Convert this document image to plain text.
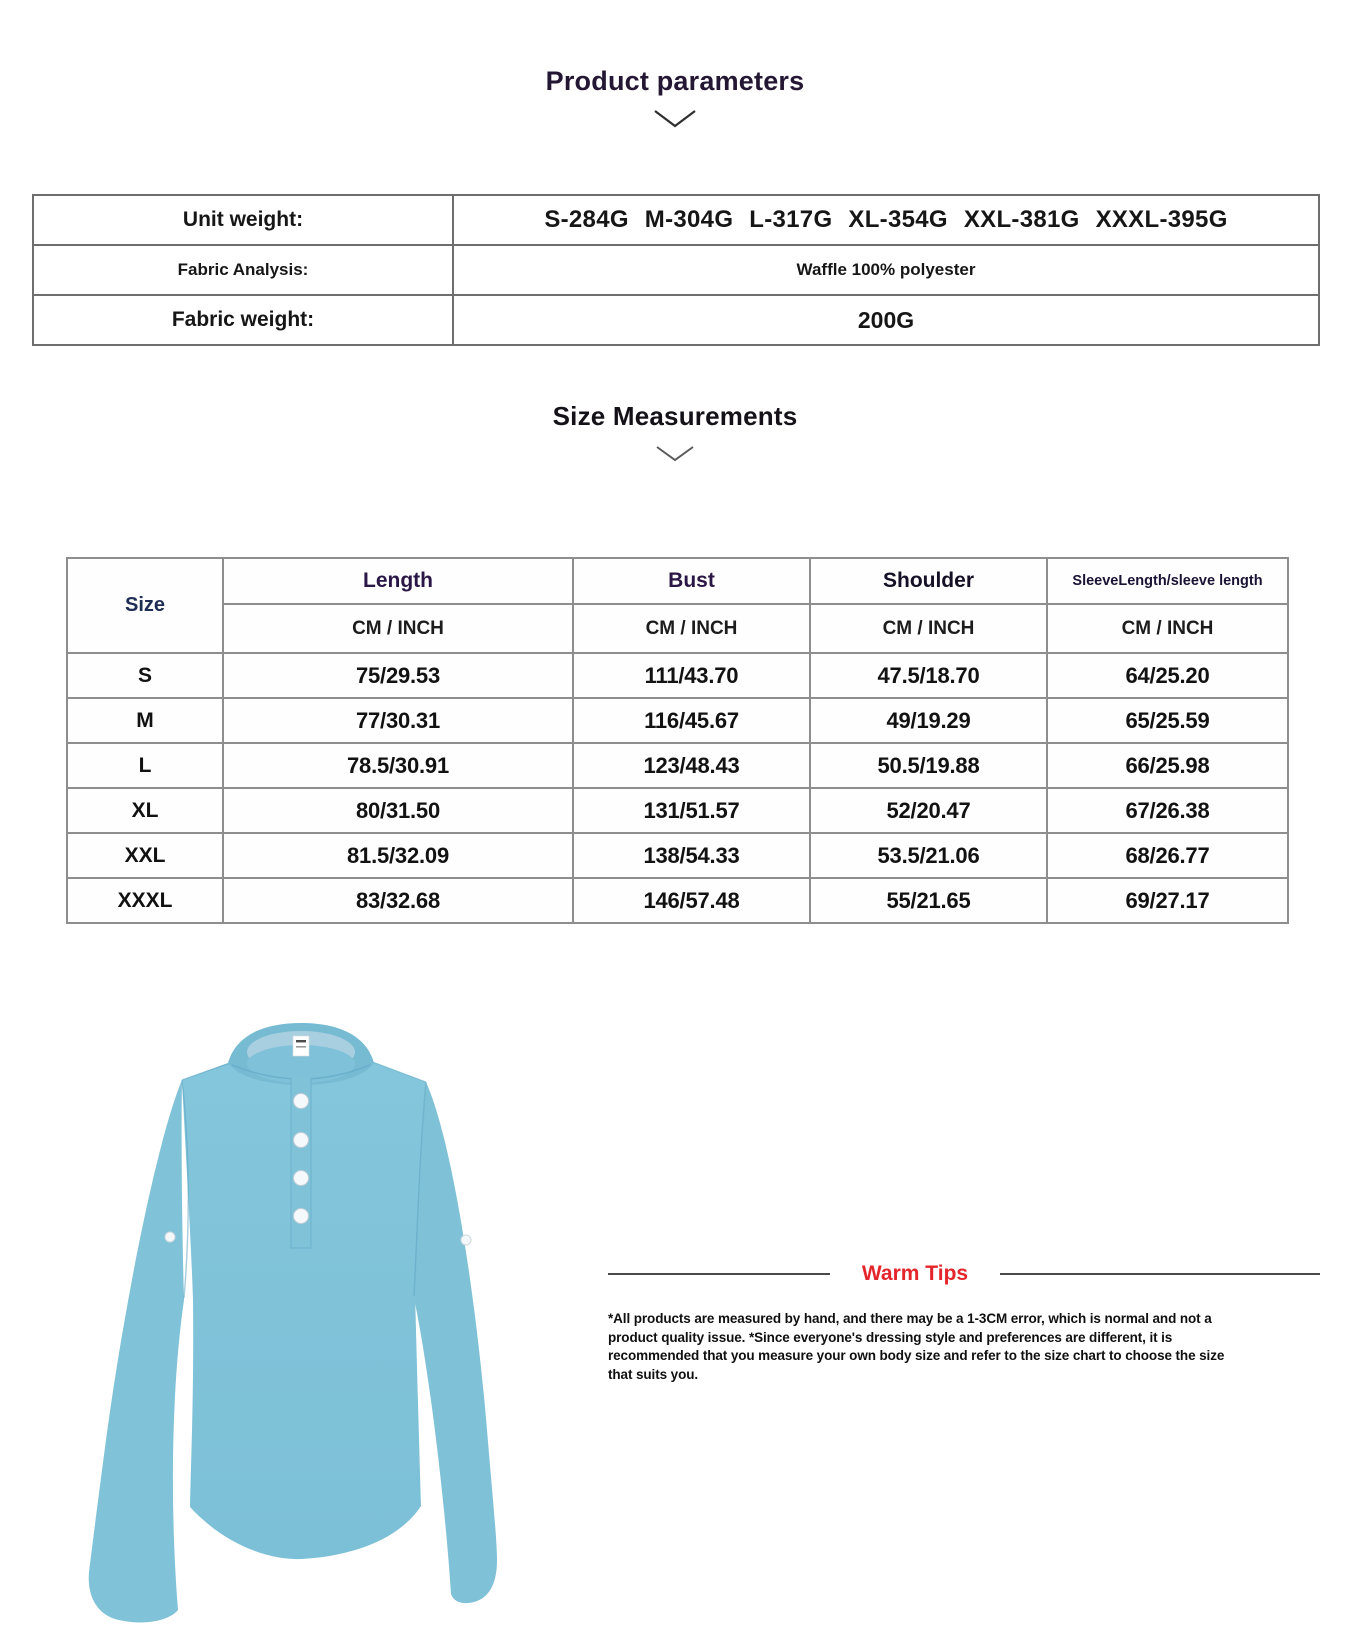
Product parameters
Unit weight:	S-284G M-304G L-317G XL-354G XXL-381G XXXL-395G
Fabric Analysis:	Waffle 100% polyester
Fabric weight:	200G
Size Measurements
Size	Length	Bust	Shoulder	SleeveLength/sleeve length
	CM / INCH	CM / INCH	CM / INCH	CM / INCH
S	75/29.53	111/43.70	47.5/18.70	64/25.20
M	77/30.31	116/45.67	49/19.29	65/25.59
L	78.5/30.91	123/48.43	50.5/19.88	66/25.98
XL	80/31.50	131/51.57	52/20.47	67/26.38
XXL	81.5/32.09	138/54.33	53.5/21.06	68/26.77
XXXL	83/32.68	146/57.48	55/21.65	69/27.17
Warm Tips
*All products are measured by hand, and there may be a 1-3CM error, which is normal and not a product quality issue. *Since everyone's dressing style and preferences are different, it is recommended that you measure your own body size and refer to the size chart to choose the size that suits you.
